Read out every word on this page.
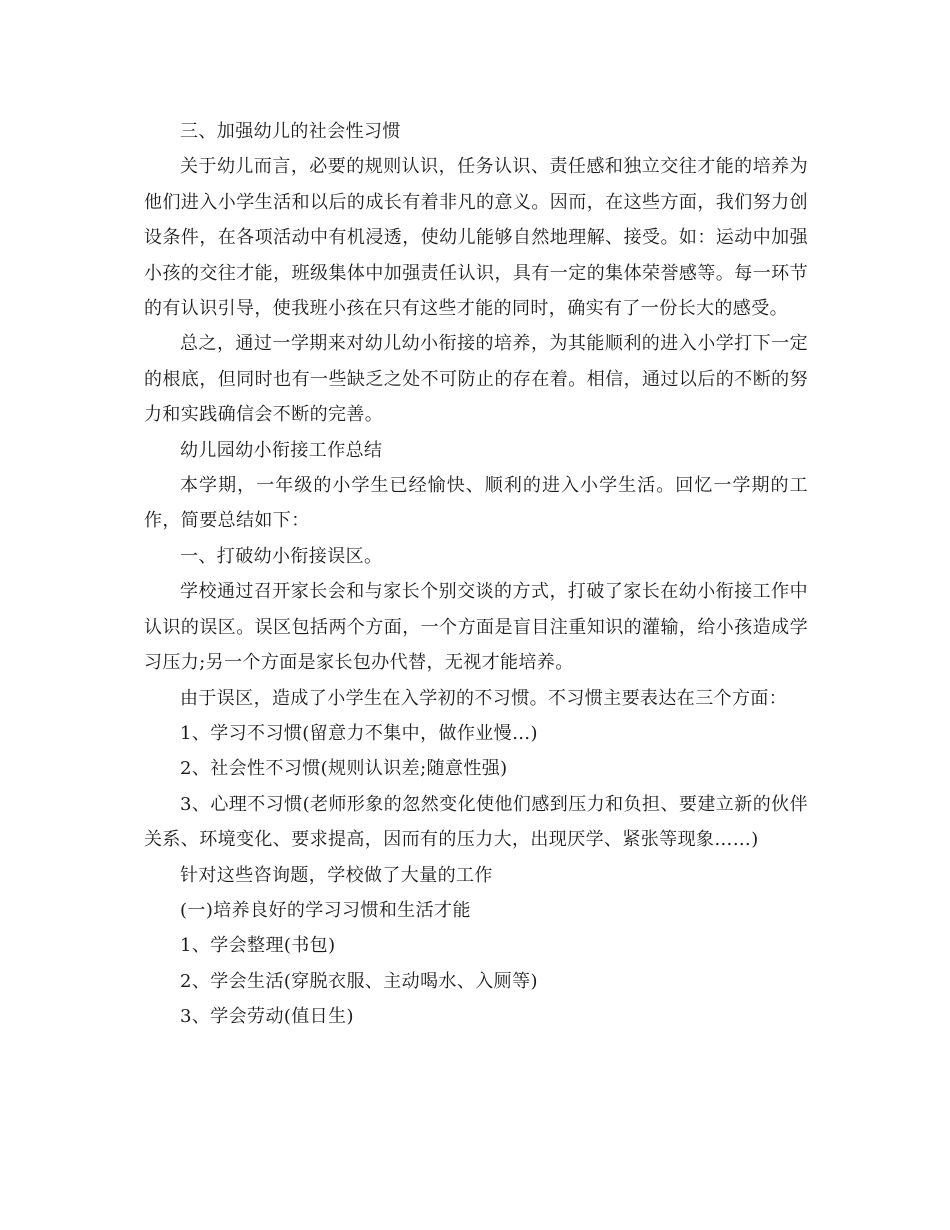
三、加强幼儿的社会性习惯

关于幼儿而言，必要的规则认识，任务认识、责任感和独立交往才能的培养为他们进入小学生活和以后的成长有着非凡的意义。因而，在这些方面，我们努力创设条件，在各项活动中有机浸透，使幼儿能够自然地理解、接受。如：运动中加强小孩的交往才能，班级集体中加强责任认识，具有一定的集体荣誉感等。每一环节的有认识引导，使我班小孩在只有这些才能的同时，确实有了一份长大的感受。

总之，通过一学期来对幼儿幼小衔接的培养，为其能顺利的进入小学打下一定的根底，但同时也有一些缺乏之处不可防止的存在着。相信，通过以后的不断的努力和实践确信会不断的完善。

幼儿园幼小衔接工作总结

本学期，一年级的小学生已经愉快、顺利的进入小学生活。回忆一学期的工作，简要总结如下：

一、打破幼小衔接误区。

学校通过召开家长会和与家长个别交谈的方式，打破了家长在幼小衔接工作中认识的误区。误区包括两个方面，一个方面是盲目注重知识的灌输，给小孩造成学习压力;另一个方面是家长包办代替，无视才能培养。

由于误区，造成了小学生在入学初的不习惯。不习惯主要表达在三个方面：

1、学习不习惯(留意力不集中，做作业慢…)

2、社会性不习惯(规则认识差;随意性强)

3、心理不习惯(老师形象的忽然变化使他们感到压力和负担、要建立新的伙伴关系、环境变化、要求提高，因而有的压力大，出现厌学、紧张等现象……)

针对这些咨询题，学校做了大量的工作

(一)培养良好的学习习惯和生活才能

1、学会整理(书包)

2、学会生活(穿脱衣服、主动喝水、入厕等)

3、学会劳动(值日生)
